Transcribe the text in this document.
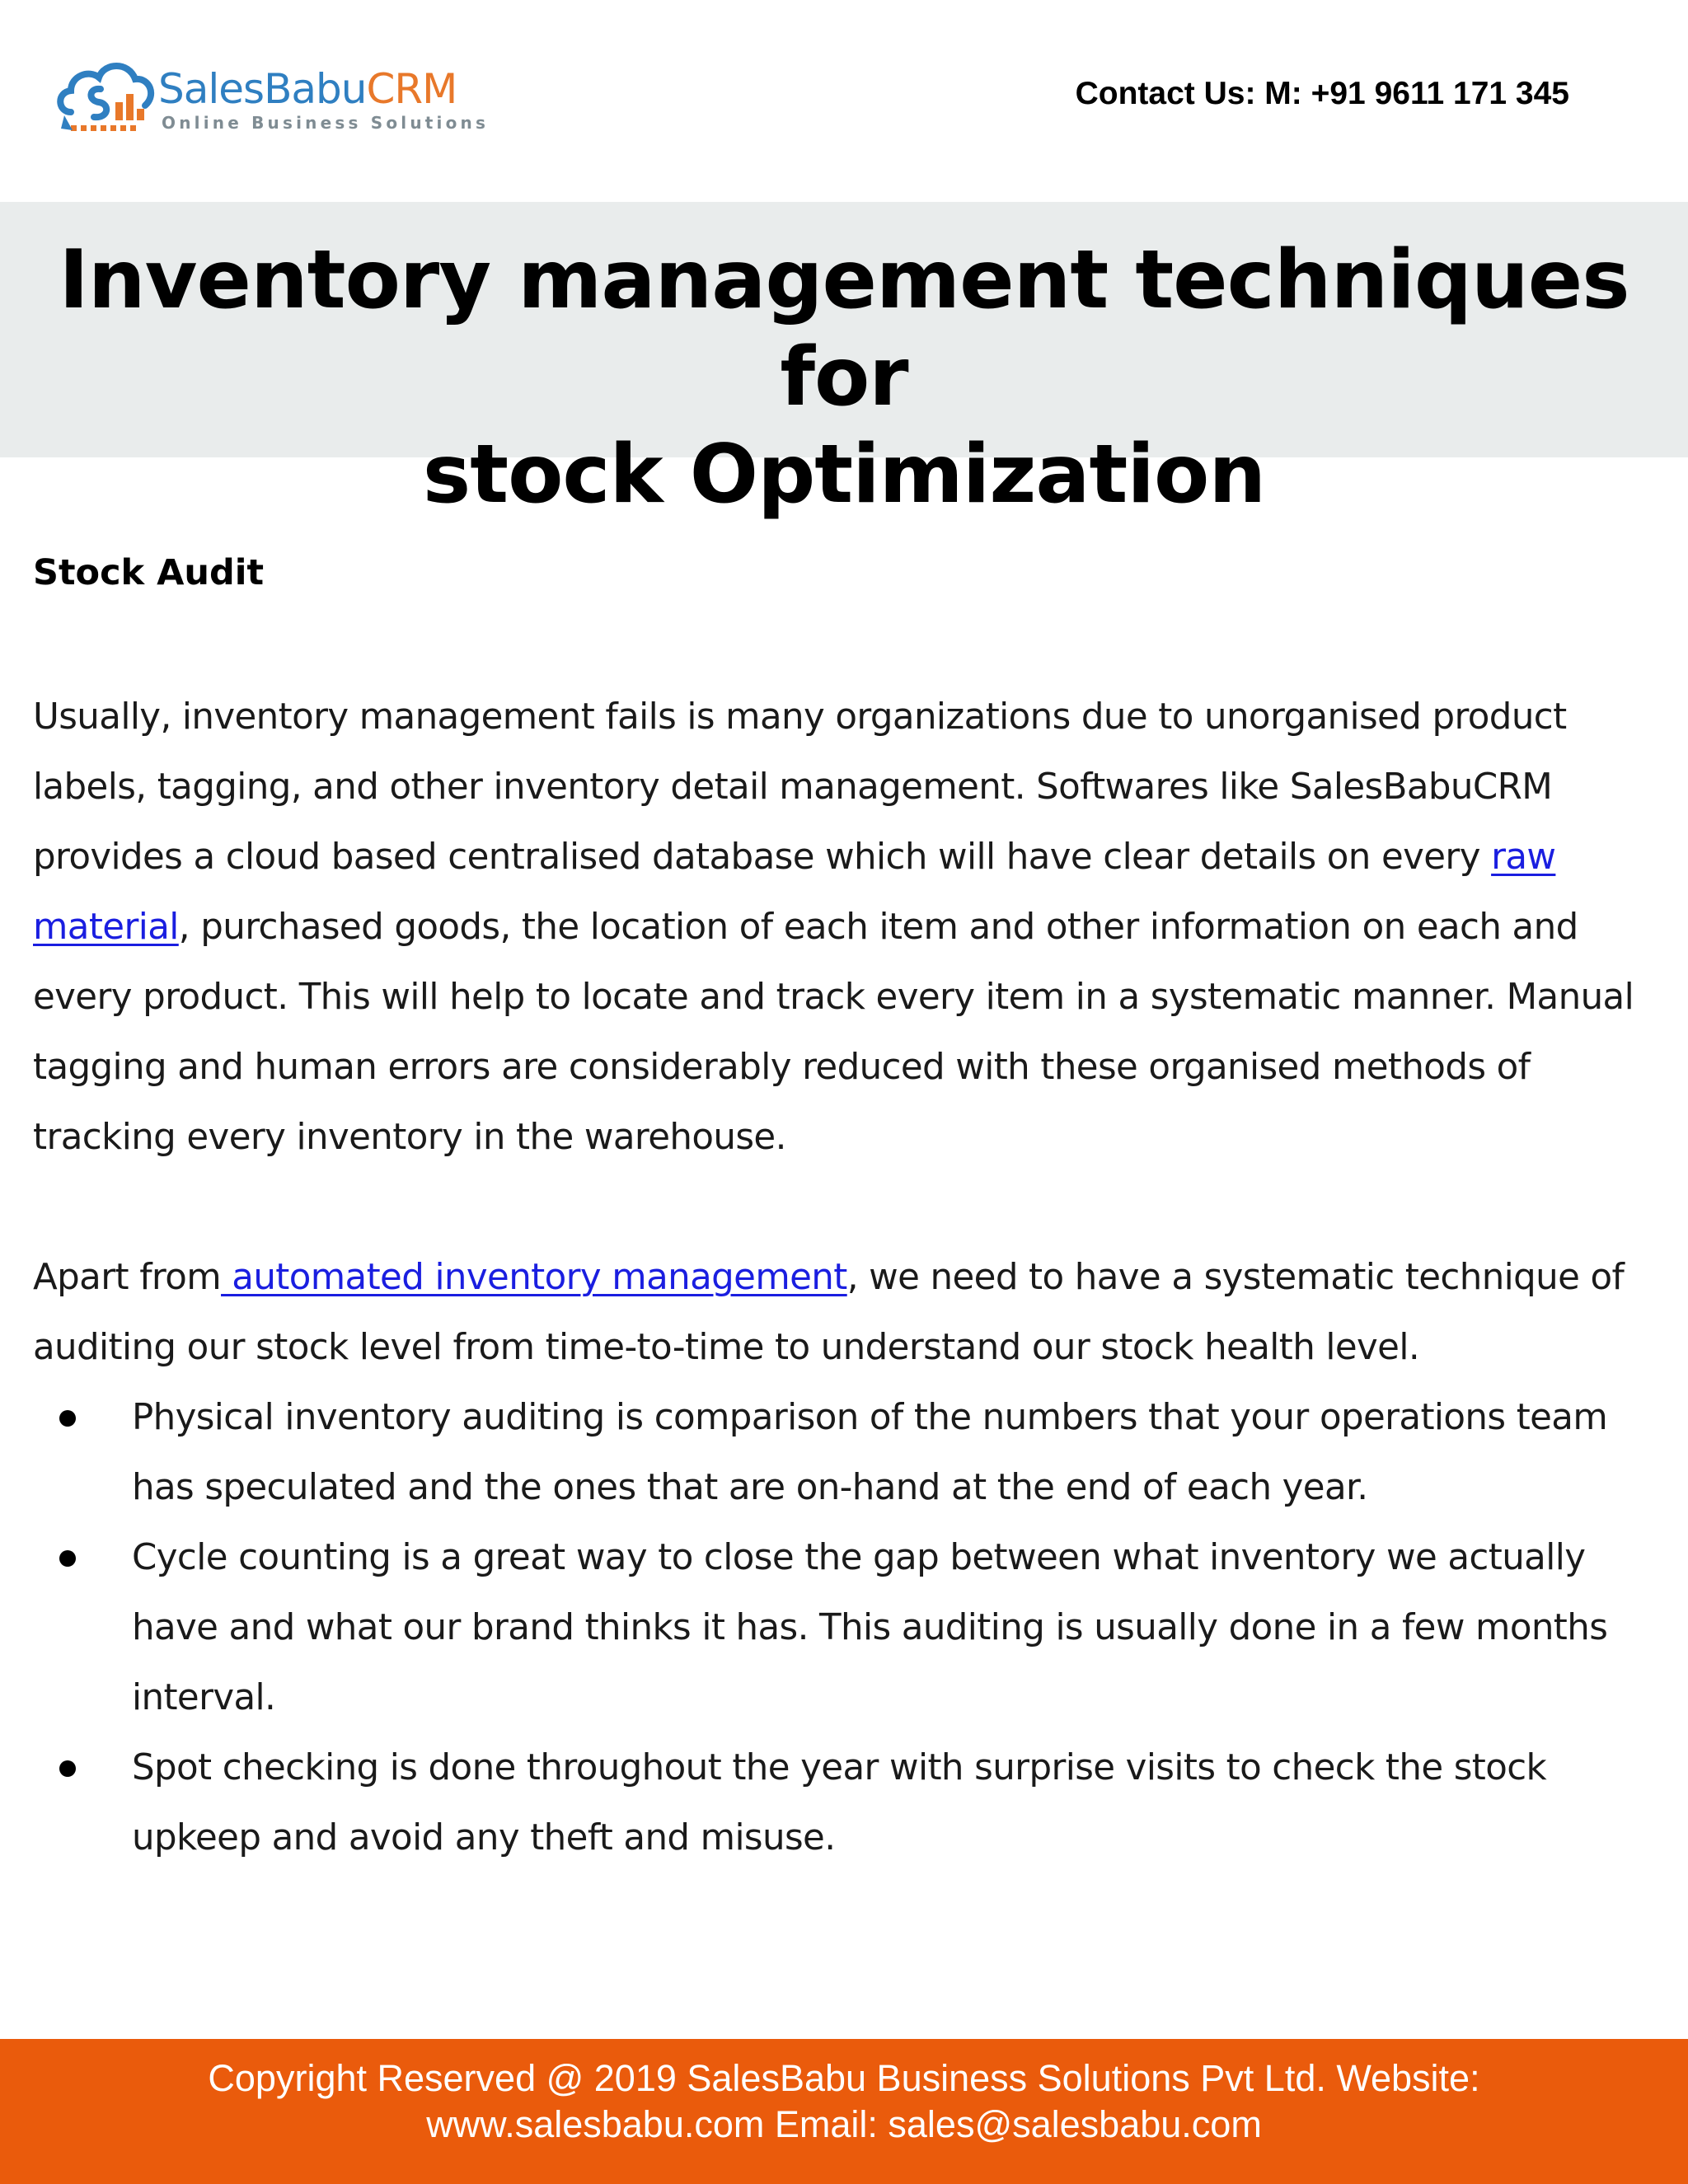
SalesBabuCRM
Online Business Solutions
Contact Us: M: +91 9611 171 345
Inventory management techniques for
stock Optimization
Stock Audit

Usually, inventory management fails is many organizations due to unorganised product labels, tagging, and other inventory detail management. Softwares like SalesBabuCRM provides a cloud based centralised database which will have clear details on every raw material, purchased goods, the location of each item and other information on each and every product. This will help to locate and track every item in a systematic manner. Manual tagging and human errors are considerably reduced with these organised methods of tracking every inventory in the warehouse.

Apart from automated inventory management, we need to have a systematic technique of auditing our stock level from time-to-time to understand our stock health level.

Physical inventory auditing is comparison of the numbers that your operations team has speculated and the ones that are on-hand at the end of each year.
Cycle counting is a great way to close the gap between what inventory we actually have and what our brand thinks it has. This auditing is usually done in a few months interval.
Spot checking is done throughout the year with surprise visits to check the stock upkeep and avoid any theft and misuse.

Copyright Reserved @ 2019 SalesBabu Business Solutions Pvt Ltd. Website:
www.salesbabu.com Email: sales@salesbabu.com
